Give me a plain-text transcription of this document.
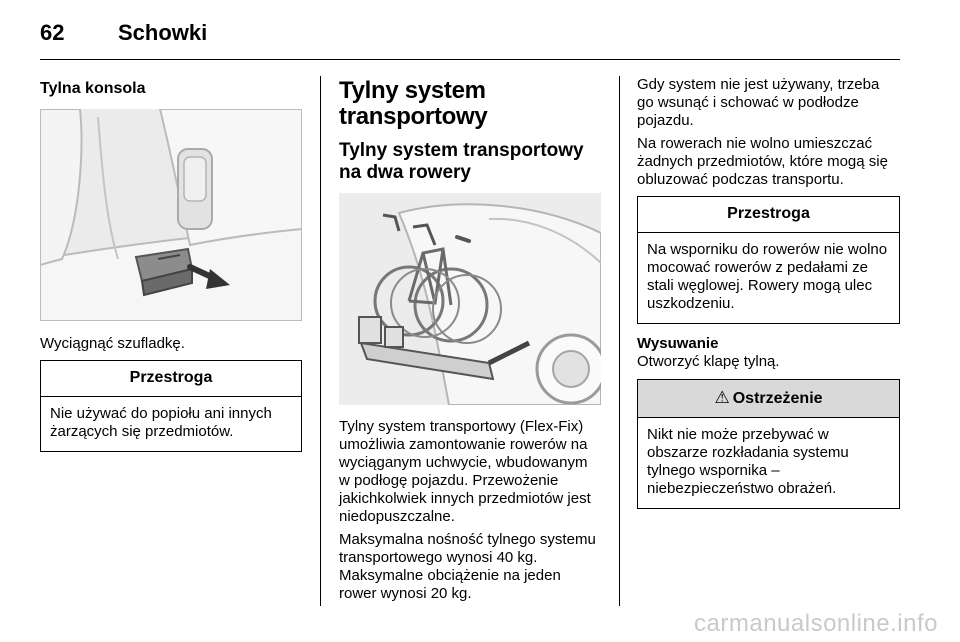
62 Schowki
Tylna konsola

Wyciągnąć szufladkę.

Przestroga
Nie używać do popiołu ani innych żarzących się przedmiotów.
Tylny system transportowy
Tylny system transportowy na dwa rowery

Tylny system transportowy (Flex-Fix) umożliwia zamontowanie rowerów na wyciąganym uchwycie, wbudowanym w podłogę pojazdu. Przewożenie jakichkolwiek innych przedmiotów jest niedopuszczalne.

Maksymalna nośność tylnego systemu transportowego wynosi 40 kg. Maksymalne obciążenie na jeden rower wynosi 20 kg.

Gdy system nie jest używany, trzeba go wsunąć i schować w podłodze pojazdu.

Na rowerach nie wolno umieszczać żadnych przedmiotów, które mogą się obluzować podczas transportu.

Przestroga
Na wsporniku do rowerów nie wolno mocować rowerów z pedałami ze stali węglowej. Rowery mogą ulec uszkodzeniu.
Wysuwanie

Otworzyć klapę tylną.

⚠ Ostrzeżenie
Nikt nie może przebywać w obszarze rozkładania systemu tylnego wspornika – niebezpieczeństwo obrażeń.
carmanualsonline.info
